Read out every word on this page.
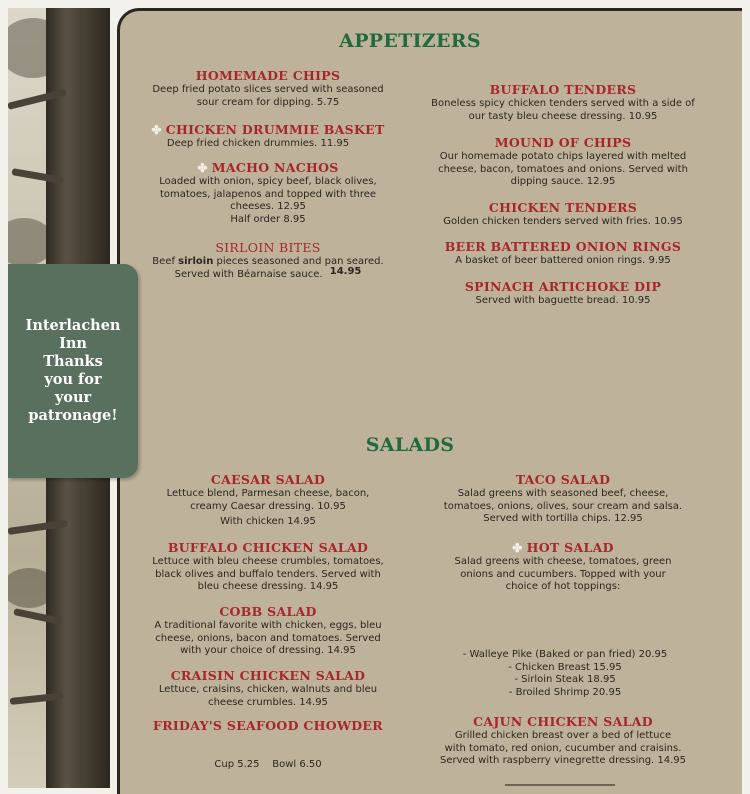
Interlachen
Inn
Thanks
you for
your
patronage!
APPETIZERS
HOMEMADE CHIPS
Deep fried potato slices served with seasoned
sour cream for dipping. 5.75
✤ CHICKEN DRUMMIE BASKET
Deep fried chicken drummies. 11.95
✤ MACHO NACHOS
Loaded with onion, spicy beef, black olives,
tomatoes, jalapenos and topped with three
cheeses. 12.95
Half order 8.95
SIRLOIN BITES
Beef sirloin pieces seasoned and pan seared.
Served with Béarnaise sauce. 14.95
BUFFALO TENDERS
Boneless spicy chicken tenders served with a side of
our tasty bleu cheese dressing. 10.95
MOUND OF CHIPS
Our homemade potato chips layered with melted
cheese, bacon, tomatoes and onions. Served with
dipping sauce. 12.95
CHICKEN TENDERS
Golden chicken tenders served with fries. 10.95
BEER BATTERED ONION RINGS
A basket of beer battered onion rings. 9.95
SPINACH ARTICHOKE DIP
Served with baguette bread. 10.95
SALADS
CAESAR SALAD
Lettuce blend, Parmesan cheese, bacon,
creamy Caesar dressing. 10.95
With chicken 14.95
BUFFALO CHICKEN SALAD
Lettuce with bleu cheese crumbles, tomatoes,
black olives and buffalo tenders. Served with
bleu cheese dressing. 14.95
COBB SALAD
A traditional favorite with chicken, eggs, bleu
cheese, onions, bacon and tomatoes. Served
with your choice of dressing. 14.95
CRAISIN CHICKEN SALAD
Lettuce, craisins, chicken, walnuts and bleu
cheese crumbles. 14.95
FRIDAY'S SEAFOOD CHOWDER

Cup 5.25    Bowl 6.50

TACO SALAD
Salad greens with seasoned beef, cheese,
tomatoes, onions, olives, sour cream and salsa.
Served with tortilla chips. 12.95
✤ HOT SALAD
Salad greens with cheese, tomatoes, green
onions and cucumbers. Topped with your
choice of hot toppings:
- Walleye Pike (Baked or pan fried) 20.95
- Chicken Breast 15.95
- Sirloin Steak 18.95
- Broiled Shrimp 20.95
CAJUN CHICKEN SALAD
Grilled chicken breast over a bed of lettuce
with tomato, red onion, cucumber and craisins.
Served with raspberry vinegrette dressing. 14.95
